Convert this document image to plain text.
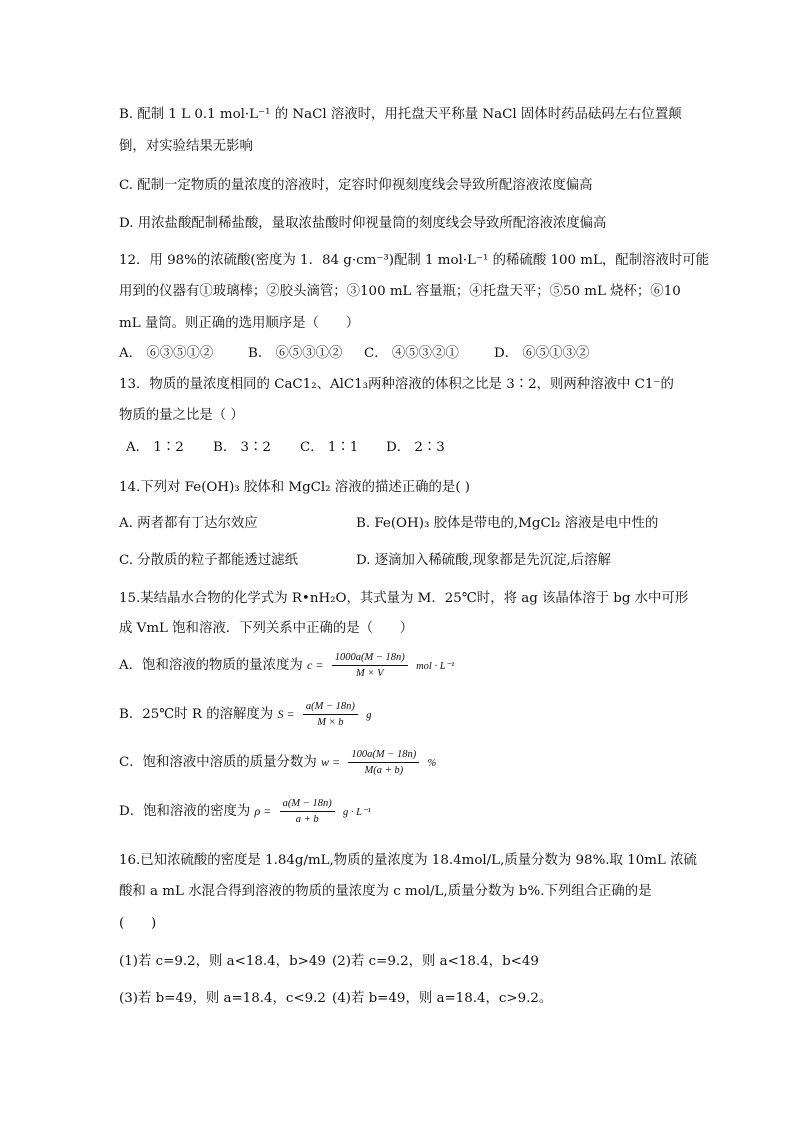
B. 配制 1 L 0.1 mol·L⁻¹ 的 NaCl 溶液时，用托盘天平称量 NaCl 固体时药品砝码左右位置颠
倒，对实验结果无影响
C. 配制一定物质的量浓度的溶液时，定容时仰视刻度线会导致所配溶液浓度偏高
D. 用浓盐酸配制稀盐酸，量取浓盐酸时仰视量筒的刻度线会导致所配溶液浓度偏高
12．用 98%的浓硫酸(密度为 1．84 g·cm⁻³)配制 1 mol·L⁻¹ 的稀硫酸 100 mL，配制溶液时可能
用到的仪器有①玻璃棒；②胶头滴管；③100 mL 容量瓶；④托盘天平；⑤50 mL 烧杯；⑥10
mL 量筒。则正确的选用顺序是（　　）
A． ⑥③⑤①②	B． ⑥⑤③①② C． ④⑤③②①	D． ⑥⑤①③②
13．物质的量浓度相同的 CaC1₂、AlC1₃两种溶液的体积之比是 3∶2，则两种溶液中 C1⁻的
物质的量之比是（ ）
A． 1∶2 B． 3∶2 C． 1∶1 D． 2∶3
14.下列对 Fe(OH)₃ 胶体和 MgCl₂ 溶液的描述正确的是( )
A. 两者都有丁达尔效应	B. Fe(OH)₃ 胶体是带电的,MgCl₂ 溶液是电中性的
C. 分散质的粒子都能透过滤纸	D. 逐滴加入稀硫酸,现象都是先沉淀,后溶解
15.某结晶水合物的化学式为 R•nH₂O，其式量为 M．25℃时，将 ag 该晶体溶于 bg 水中可形
成 VmL 饱和溶液．下列关系中正确的是（　　）
A．饱和溶液的物质的量浓度为 $c = \frac{1000a(M - 18n)}{M \times V}$ mol · L⁻¹
B．25℃时 R 的溶解度为 $S = \frac{a(M - 18n)}{M \times b}$ g
C．饱和溶液中溶质的质量分数为 $w = \frac{100a(M - 18n)}{M(a + b)}$ %
D．饱和溶液的密度为 $\rho = \frac{a(M - 18n)}{a + b}$ g · L⁻¹
16.已知浓硫酸的密度是 1.84g/mL,物质的量浓度为 18.4mol/L,质量分数为 98%.取 10mL 浓硫
酸和 a mL 水混合得到溶液的物质的量浓度为 c mol/L,质量分数为 b%.下列组合正确的是
(　　)
(1)若 c=9.2，则 a<18.4，b>49 (2)若 c=9.2，则 a<18.4，b<49
(3)若 b=49，则 a=18.4，c<9.2 (4)若 b=49，则 a=18.4，c>9.2。
